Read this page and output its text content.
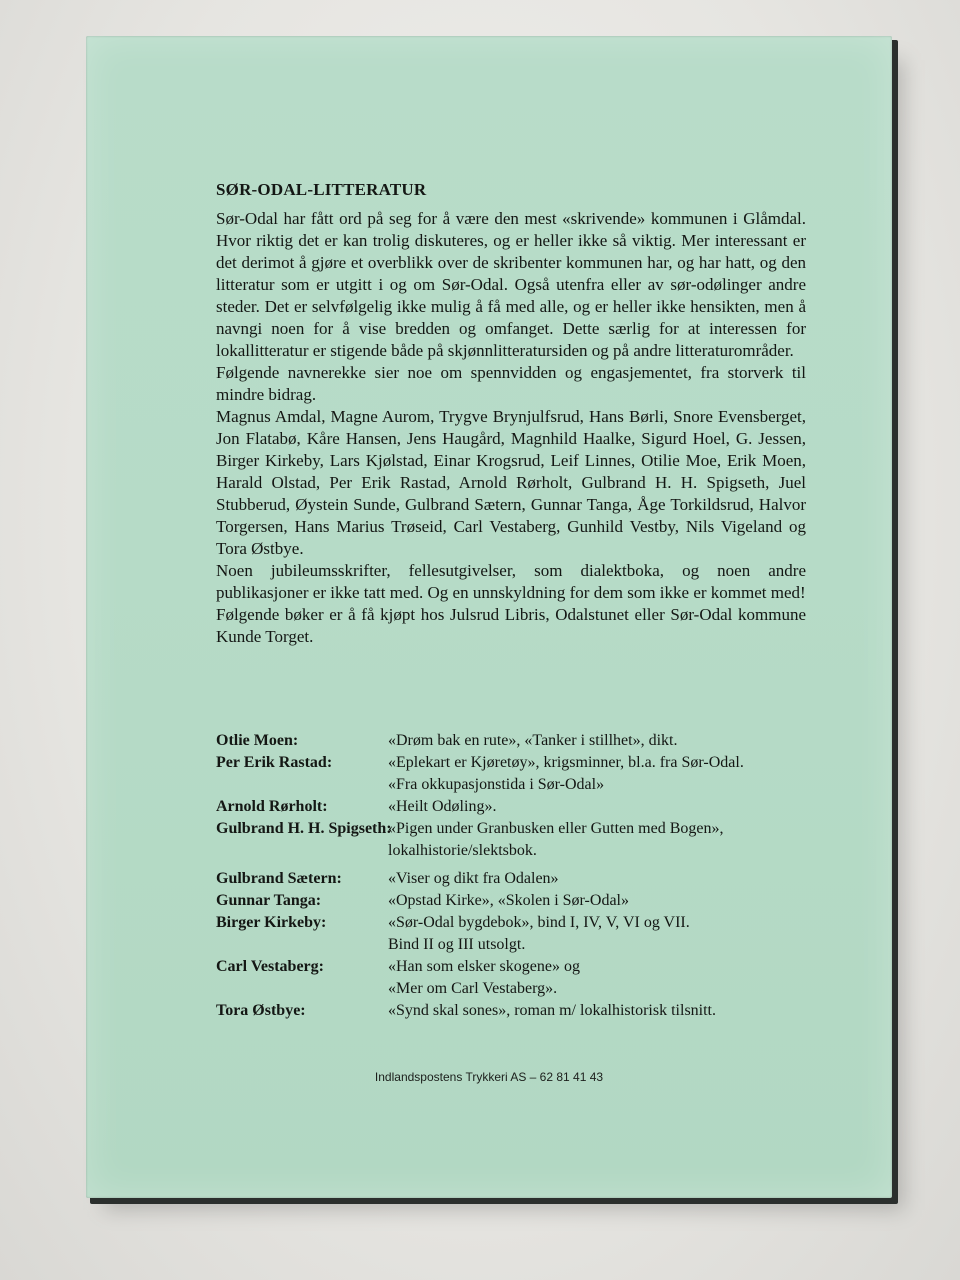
SØR-ODAL-LITTERATUR

Sør-Odal har fått ord på seg for å være den mest «skrivende» kommunen i Glåmdal. Hvor riktig det er kan trolig diskuteres, og er heller ikke så viktig. Mer interessant er det derimot å gjøre et overblikk over de skribenter kommunen har, og har hatt, og den litteratur som er utgitt i og om Sør-Odal. Også utenfra eller av sør-odølinger andre steder. Det er selvfølgelig ikke mulig å få med alle, og er heller ikke hensikten, men å navngi noen for å vise bredden og omfanget. Dette særlig for at interessen for lokallitteratur er stigende både på skjønnlitteratursiden og på andre litteraturområder.

Følgende navnerekke sier noe om spennvidden og engasjementet, fra storverk til mindre bidrag.

Magnus Amdal, Magne Aurom, Trygve Brynjulfsrud, Hans Børli, Snore Evensberget, Jon Flatabø, Kåre Hansen, Jens Haugård, Magnhild Haalke, Sigurd Hoel, G. Jessen, Birger Kirkeby, Lars Kjølstad, Einar Krogsrud, Leif Linnes, Otilie Moe, Erik Moen, Harald Olstad, Per Erik Rastad, Arnold Rørholt, Gulbrand H. H. Spigseth, Juel Stubberud, Øystein Sunde, Gulbrand Sætern, Gunnar Tanga, Åge Torkildsrud, Halvor Torgersen, Hans Marius Trøseid, Carl Vestaberg, Gunhild Vestby, Nils Vigeland og Tora Østbye.

Noen jubileumsskrifter, fellesutgivelser, som dialektboka, og noen andre publikasjoner er ikke tatt med. Og en unnskyldning for dem som ikke er kommet med!

Følgende bøker er å få kjøpt hos Julsrud Libris, Odalstunet eller Sør-Odal kommune Kunde Torget.

Otlie Moen:	«Drøm bak en rute», «Tanker i stillhet», dikt.
Per Erik Rastad:	«Eplekart er Kjøretøy», krigsminner, bl.a. fra Sør-Odal.
«Fra okkupasjonstida i Sør-Odal»
Arnold Rørholt:	«Heilt Odøling».
Gulbrand H. H. Spigseth:
«Pigen under Granbusken eller Gutten med Bogen»,
lokalhistorie/slektsbok.
Gulbrand Sætern:	«Viser og dikt fra Odalen»
Gunnar Tanga:	«Opstad Kirke», «Skolen i Sør-Odal»
Birger Kirkeby:	«Sør-Odal bygdebok», bind I, IV, V, VI og VII.
Bind II og III utsolgt.
Carl Vestaberg:	«Han som elsker skogene» og
«Mer om Carl Vestaberg».
Tora Østbye:	«Synd skal sones», roman m/ lokalhistorisk tilsnitt.
Indlandspostens Trykkeri AS – 62 81 41 43
